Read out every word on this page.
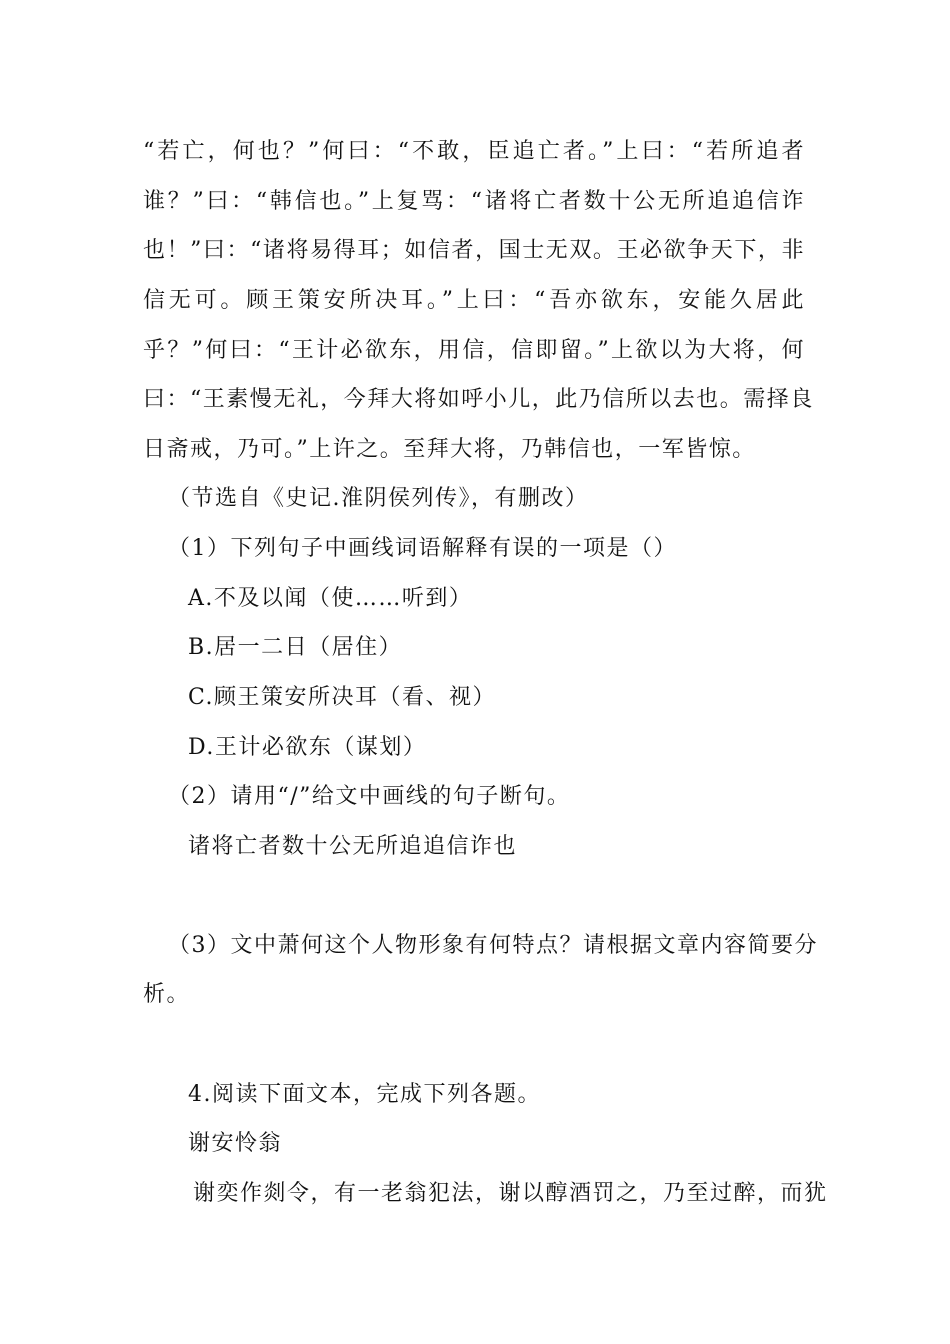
“若亡，何也？”何曰：“不敢，臣追亡者。”上曰：“若所追者
谁？”曰：“韩信也。”上复骂：“诸将亡者数十公无所追追信诈
也！”曰：“诸将易得耳；如信者，国士无双。王必欲争天下，非
信无可。顾王策安所决耳。”上曰：“吾亦欲东，安能久居此
乎？”何曰：“王计必欲东，用信，信即留。”上欲以为大将，何
曰：“王素慢无礼，今拜大将如呼小儿，此乃信所以去也。需择良
日斋戒，乃可。”上许之。至拜大将，乃韩信也，一军皆惊。
（节选自《史记.淮阴侯列传》，有删改）
（1）下列句子中画线词语解释有误的一项是（）
A.不及以闻（使……听到）
B.居一二日（居住）
C.顾王策安所决耳（看、视）
D.王计必欲东（谋划）
（2）请用“/”给文中画线的句子断句。
诸将亡者数十公无所追追信诈也
（3）文中萧何这个人物形象有何特点？请根据文章内容简要分
析。
4.阅读下面文本，完成下列各题。
谢安怜翁
谢奕作剡令，有一老翁犯法，谢以醇酒罚之，乃至过醉，而犹
